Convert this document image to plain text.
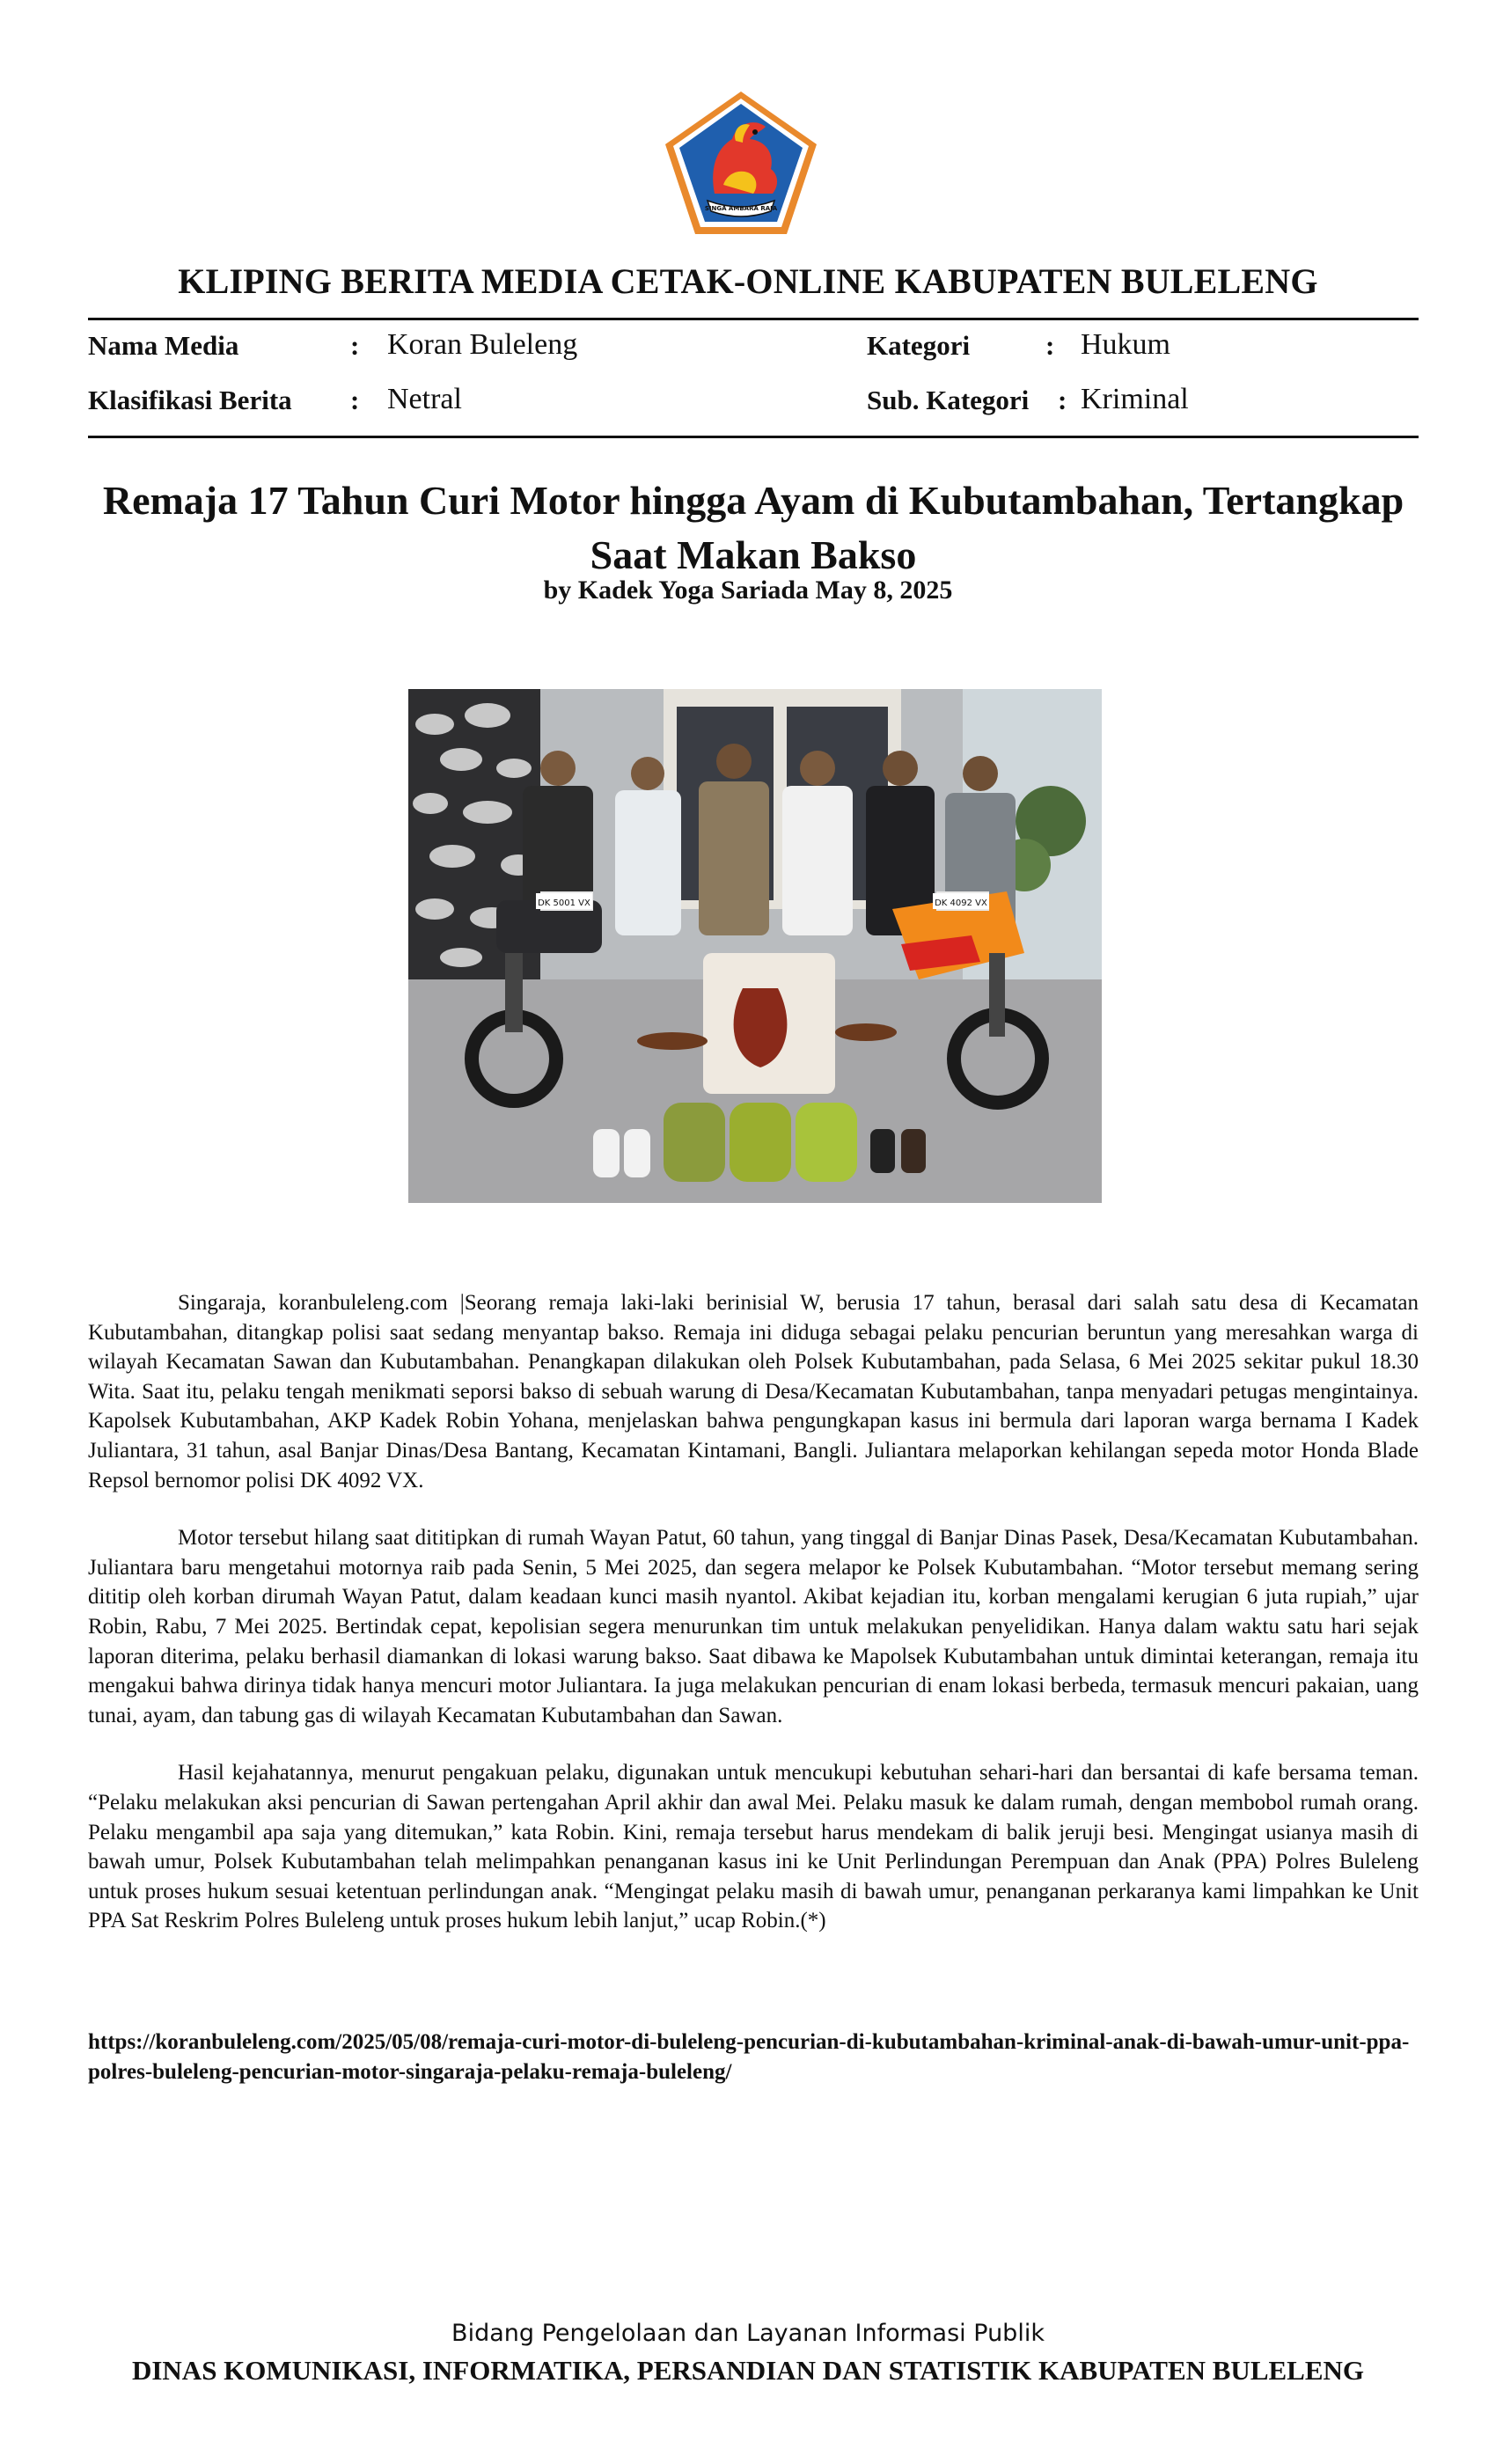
SINGA AMBARA RAJA
KLIPING BERITA MEDIA CETAK-ONLINE KABUPATEN BULELENG
Nama Media	: Koran Buleleng
Klasifikasi Berita : Netral
Kategori	: Hukum
Sub. Kategori : Kriminal
Remaja 17 Tahun Curi Motor hingga Ayam di Kubutambahan, Tertangkap Saat Makan Bakso
by Kadek Yoga Sariada May 8, 2025
DK 5001 VX	DK 4092 VX

Singaraja, koranbuleleng.com |Seorang remaja laki-laki berinisial W, berusia 17 tahun, berasal dari salah satu desa di Kecamatan Kubutambahan, ditangkap polisi saat sedang menyantap bakso. Remaja ini diduga sebagai pelaku pencurian beruntun yang meresahkan warga di wilayah Kecamatan Sawan dan Kubutambahan. Penangkapan dilakukan oleh Polsek Kubutambahan, pada Selasa, 6 Mei 2025 sekitar pukul 18.30 Wita. Saat itu, pelaku tengah menikmati seporsi bakso di sebuah warung di Desa/Kecamatan Kubutambahan, tanpa menyadari petugas mengintainya. Kapolsek Kubutambahan, AKP Kadek Robin Yohana, menjelaskan bahwa pengungkapan kasus ini bermula dari laporan warga bernama I Kadek Juliantara, 31 tahun, asal Banjar Dinas/Desa Bantang, Kecamatan Kintamani, Bangli. Juliantara melaporkan kehilangan sepeda motor Honda Blade Repsol bernomor polisi DK 4092 VX.

Motor tersebut hilang saat dititipkan di rumah Wayan Patut, 60 tahun, yang tinggal di Banjar Dinas Pasek, Desa/Kecamatan Kubutambahan. Juliantara baru mengetahui motornya raib pada Senin, 5 Mei 2025, dan segera melapor ke Polsek Kubutambahan. “Motor tersebut memang sering dititip oleh korban dirumah Wayan Patut, dalam keadaan kunci masih nyantol. Akibat kejadian itu, korban mengalami kerugian 6 juta rupiah,” ujar Robin, Rabu, 7 Mei 2025. Bertindak cepat, kepolisian segera menurunkan tim untuk melakukan penyelidikan. Hanya dalam waktu satu hari sejak laporan diterima, pelaku berhasil diamankan di lokasi warung bakso. Saat dibawa ke Mapolsek Kubutambahan untuk dimintai keterangan, remaja itu mengakui bahwa dirinya tidak hanya mencuri motor Juliantara. Ia juga melakukan pencurian di enam lokasi berbeda, termasuk mencuri pakaian, uang tunai, ayam, dan tabung gas di wilayah Kecamatan Kubutambahan dan Sawan.

Hasil kejahatannya, menurut pengakuan pelaku, digunakan untuk mencukupi kebutuhan sehari-hari dan bersantai di kafe bersama teman. “Pelaku melakukan aksi pencurian di Sawan pertengahan April akhir dan awal Mei. Pelaku masuk ke dalam rumah, dengan membobol rumah orang. Pelaku mengambil apa saja yang ditemukan,” kata Robin. Kini, remaja tersebut harus mendekam di balik jeruji besi. Mengingat usianya masih di bawah umur, Polsek Kubutambahan telah melimpahkan penanganan kasus ini ke Unit Perlindungan Perempuan dan Anak (PPA) Polres Buleleng untuk proses hukum sesuai ketentuan perlindungan anak. “Mengingat pelaku masih di bawah umur, penanganan perkaranya kami limpahkan ke Unit PPA Sat Reskrim Polres Buleleng untuk proses hukum lebih lanjut,” ucap Robin.(*)

https://koranbuleleng.com/2025/05/08/remaja-curi-motor-di-buleleng-pencurian-di-kubutambahan-kriminal-anak-di-bawah-umur-unit-ppa-polres-buleleng-pencurian-motor-singaraja-pelaku-remaja-buleleng/
Bidang Pengelolaan dan Layanan Informasi Publik
DINAS KOMUNIKASI, INFORMATIKA, PERSANDIAN DAN STATISTIK KABUPATEN BULELENG
